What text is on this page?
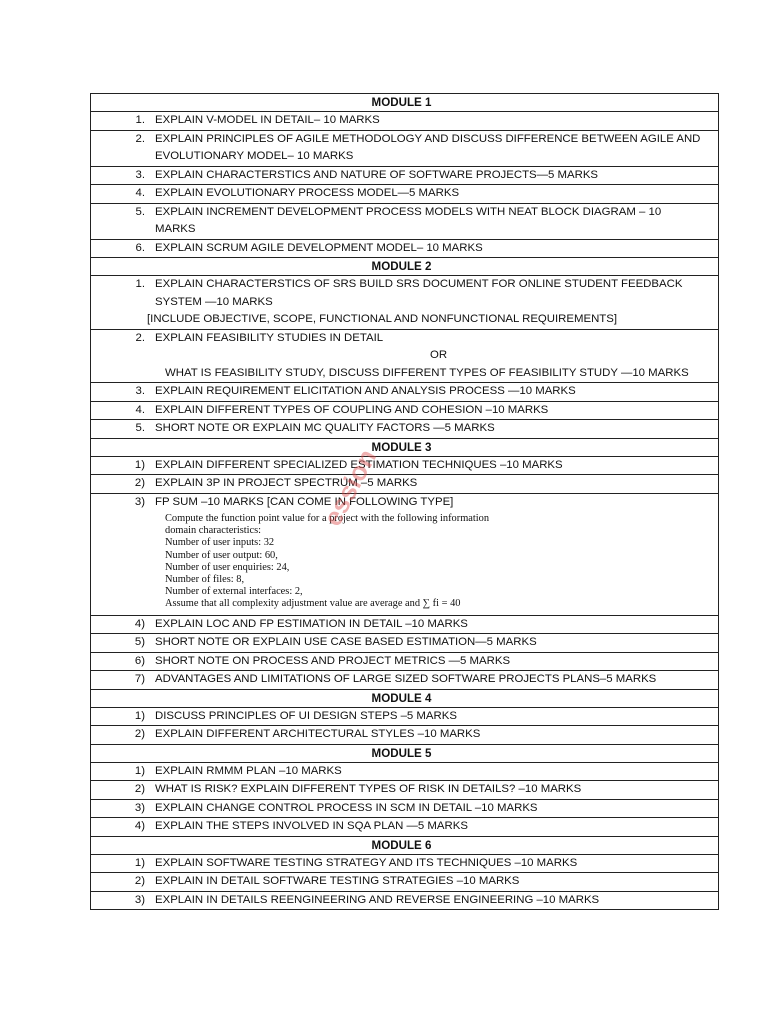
MODULE 1
1. EXPLAIN V-MODEL IN DETAIL– 10 MARKS
2. EXPLAIN PRINCIPLES OF AGILE METHODOLOGY AND DISCUSS DIFFERENCE BETWEEN AGILE AND
EVOLUTIONARY MODEL– 10 MARKS
3. EXPLAIN CHARACTERSTICS AND NATURE OF SOFTWARE PROJECTS—5 MARKS
4. EXPLAIN EVOLUTIONARY PROCESS MODEL—5 MARKS
5. EXPLAIN INCREMENT DEVELOPMENT PROCESS MODELS WITH NEAT BLOCK DIAGRAM – 10
MARKS
6. EXPLAIN SCRUM AGILE DEVELOPMENT MODEL– 10 MARKS
MODULE 2
1. EXPLAIN CHARACTERSTICS OF SRS BUILD SRS DOCUMENT FOR ONLINE STUDENT FEEDBACK
SYSTEM —10 MARKS
[INCLUDE OBJECTIVE, SCOPE, FUNCTIONAL AND NONFUNCTIONAL REQUIREMENTS]
2. EXPLAIN FEASIBILITY STUDIES IN DETAIL
OR
WHAT IS FEASIBILITY STUDY, DISCUSS DIFFERENT TYPES OF FEASIBILITY STUDY —10 MARKS
3. EXPLAIN REQUIREMENT ELICITATION AND ANALYSIS PROCESS —10 MARKS
4. EXPLAIN DIFFERENT TYPES OF COUPLING AND COHESION –10 MARKS
5. SHORT NOTE OR EXPLAIN MC QUALITY FACTORS —5 MARKS
MODULE 3
1) EXPLAIN DIFFERENT SPECIALIZED ESTIMATION TECHNIQUES –10 MARKS
2) EXPLAIN 3P IN PROJECT SPECTRUM –5 MARKS
3) FP SUM –10 MARKS [CAN COME IN FOLLOWING TYPE]
Compute the function point value for a project with the following information
domain characteristics:
Number of user inputs: 32
Number of user output: 60,
Number of user enquiries: 24,
Number of files: 8,
Number of external interfaces: 2,
Assume that all complexity adjustment value are average and ∑ fi = 40
ession
4) EXPLAIN LOC AND FP ESTIMATION IN DETAIL –10 MARKS
5) SHORT NOTE OR EXPLAIN USE CASE BASED ESTIMATION—5 MARKS
6) SHORT NOTE ON PROCESS AND PROJECT METRICS —5 MARKS
7) ADVANTAGES AND LIMITATIONS OF LARGE SIZED SOFTWARE PROJECTS PLANS–5 MARKS
MODULE 4
1) DISCUSS PRINCIPLES OF UI DESIGN STEPS –5 MARKS
2) EXPLAIN DIFFERENT ARCHITECTURAL STYLES –10 MARKS
MODULE 5
1) EXPLAIN RMMM PLAN –10 MARKS
2) WHAT IS RISK? EXPLAIN DIFFERENT TYPES OF RISK IN DETAILS? –10 MARKS
3) EXPLAIN CHANGE CONTROL PROCESS IN SCM IN DETAIL –10 MARKS
4) EXPLAIN THE STEPS INVOLVED IN SQA PLAN —5 MARKS
MODULE 6
1) EXPLAIN SOFTWARE TESTING STRATEGY AND ITS TECHNIQUES –10 MARKS
2) EXPLAIN IN DETAIL SOFTWARE TESTING STRATEGIES –10 MARKS
3) EXPLAIN IN DETAILS REENGINEERING AND REVERSE ENGINEERING –10 MARKS
